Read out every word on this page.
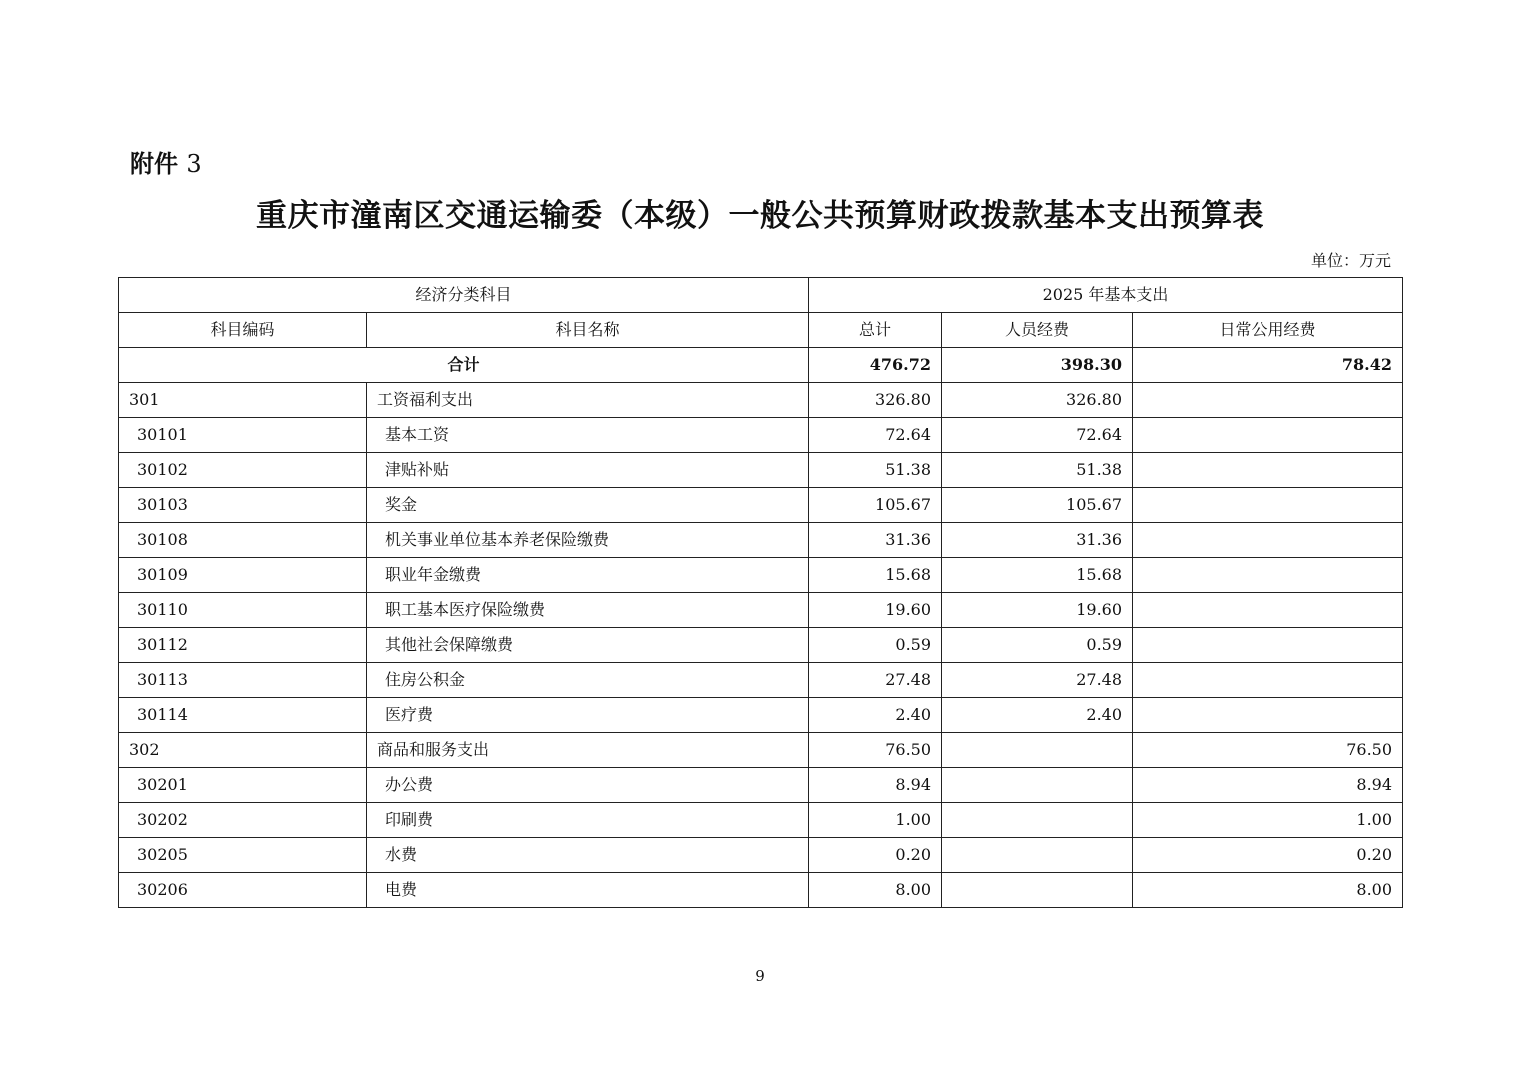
附件 3
重庆市潼南区交通运输委（本级）一般公共预算财政拨款基本支出预算表
单位：万元
经济分类科目		2025 年基本支出		
科目编码	科目名称	总计	人员经费	日常公用经费
合计		476.72	398.30	78.42
301	工资福利支出	326.80	326.80	
30101	基本工资	72.64	72.64	
30102	津贴补贴	51.38	51.38	
30103	奖金	105.67	105.67	
30108	机关事业单位基本养老保险缴费	31.36	31.36	
30109	职业年金缴费	15.68	15.68	
30110	职工基本医疗保险缴费	19.60	19.60	
30112	其他社会保障缴费	0.59	0.59	
30113	住房公积金	27.48	27.48	
30114	医疗费	2.40	2.40	
302	商品和服务支出	76.50		76.50
30201	办公费	8.94		8.94
30202	印刷费	1.00		1.00
30205	水费	0.20		0.20
30206	电费	8.00		8.00
9
